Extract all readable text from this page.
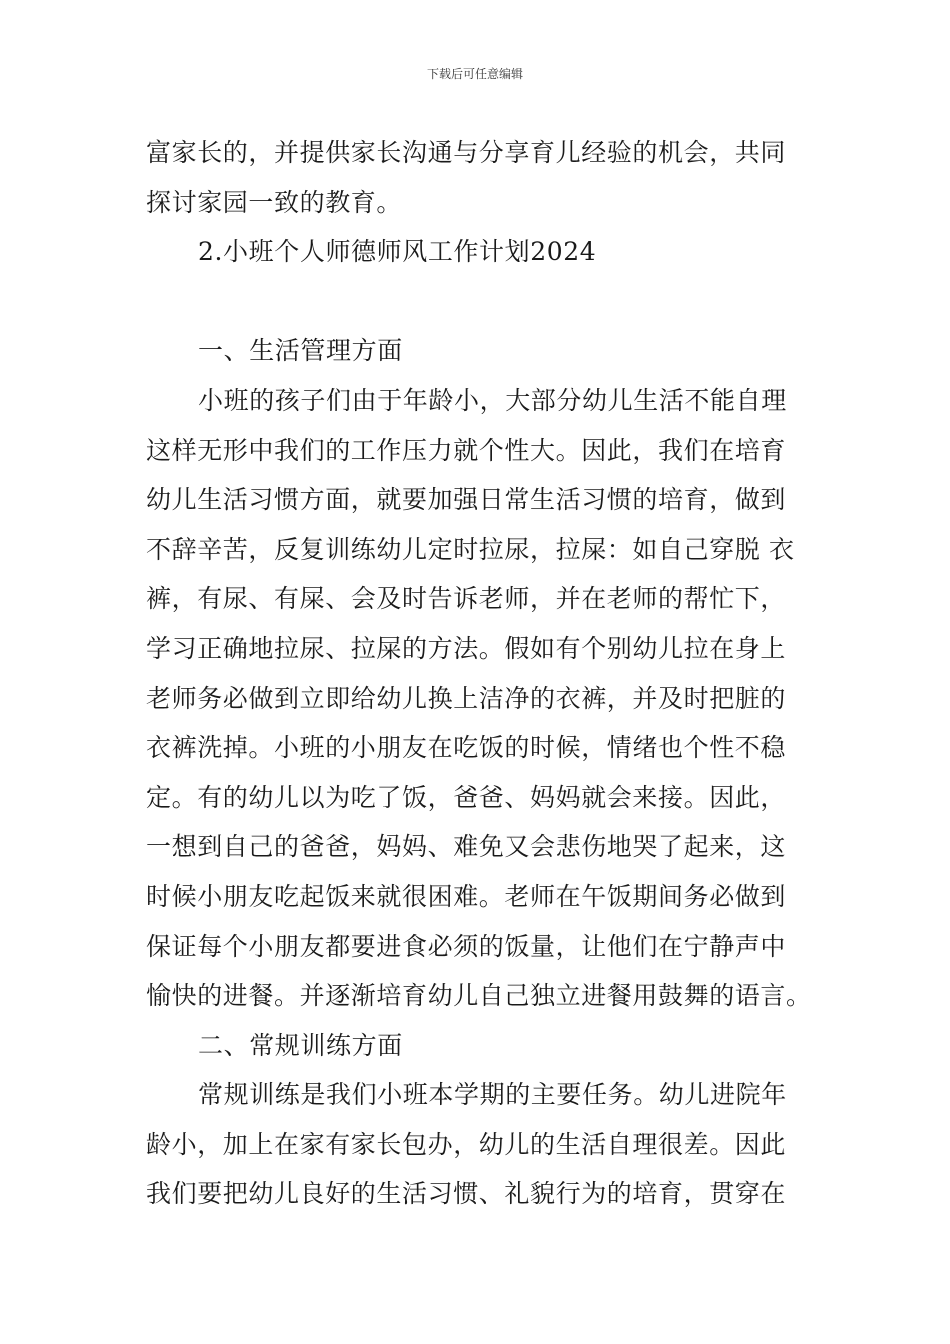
下载后可任意编辑
富家长的，并提供家长沟通与分享育儿经验的机会，共同
探讨家园一致的教育。
2.小班个人师德师风工作计划2024
一、生活管理方面
小班的孩子们由于年龄小，大部分幼儿生活不能自理
这样无形中我们的工作压力就个性大。因此，我们在培育
幼儿生活习惯方面，就要加强日常生活习惯的培育，做到
不辞辛苦，反复训练幼儿定时拉尿，拉屎：如自己穿脱 衣
裤，有尿、有屎、会及时告诉老师，并在老师的帮忙下，
学习正确地拉尿、拉屎的方法。假如有个别幼儿拉在身上
老师务必做到立即给幼儿换上洁净的衣裤，并及时把脏的
衣裤洗掉。小班的小朋友在吃饭的时候，情绪也个性不稳
定。有的幼儿以为吃了饭，爸爸、妈妈就会来接。因此，
一想到自己的爸爸，妈妈、难免又会悲伤地哭了起来，这
时候小朋友吃起饭来就很困难。老师在午饭期间务必做到
保证每个小朋友都要进食必须的饭量，让他们在宁静声中
愉快的进餐。并逐渐培育幼儿自己独立进餐用鼓舞的语言。
二、常规训练方面
常规训练是我们小班本学期的主要任务。幼儿进院年
龄小，加上在家有家长包办，幼儿的生活自理很差。因此
我们要把幼儿良好的生活习惯、礼貌行为的培育，贯穿在
